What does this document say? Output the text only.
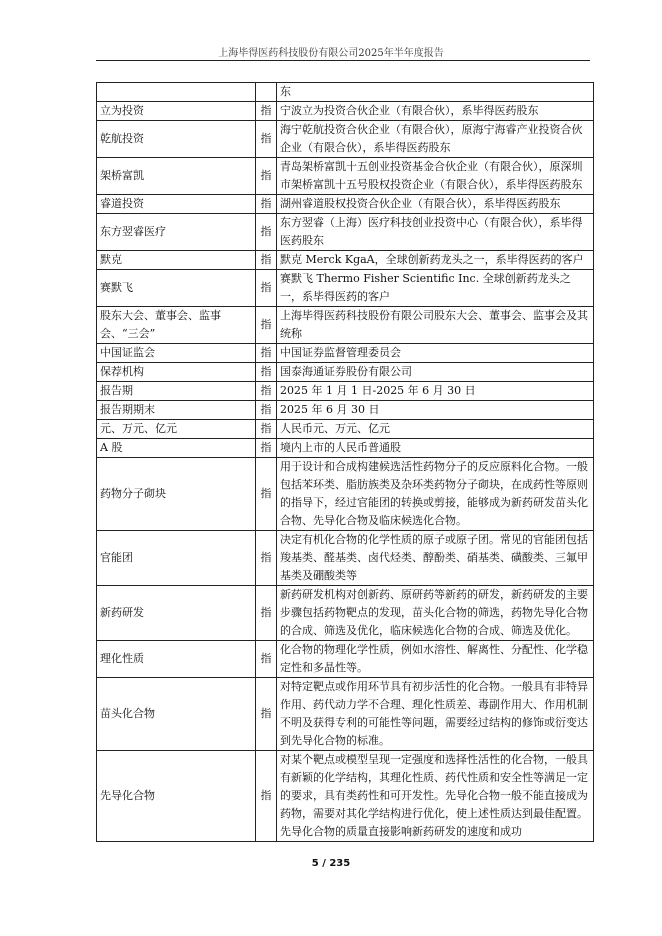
上海毕得医药科技股份有限公司2025年半年度报告
		东
立为投资	指	宁波立为投资合伙企业（有限合伙），系毕得医药股东
乾航投资	指	海宁乾航投资合伙企业（有限合伙），原海宁海睿产业投资合伙企业（有限合伙），系毕得医药股东
架桥富凯	指	青岛架桥富凯十五创业投资基金合伙企业（有限合伙），原深圳市架桥富凯十五号股权投资企业（有限合伙），系毕得医药股东
睿道投资	指	湖州睿道股权投资合伙企业（有限合伙），系毕得医药股东
东方翌睿医疗	指	东方翌睿（上海）医疗科技创业投资中心（有限合伙），系毕得医药股东
默克	指	默克 Merck KgaA，全球创新药龙头之一，系毕得医药的客户
赛默飞	指	赛默飞 Thermo Fisher Scientific Inc. 全球创新药龙头之一，系毕得医药的客户
股东大会、董事会、监事会、“三会”	指	上海毕得医药科技股份有限公司股东大会、董事会、监事会及其统称
中国证监会	指	中国证券监督管理委员会
保荐机构	指	国泰海通证券股份有限公司
报告期	指	2025 年 1 月 1 日-2025 年 6 月 30 日
报告期期末	指	2025 年 6 月 30 日
元、万元、亿元	指	人民币元、万元、亿元
A 股	指	境内上市的人民币普通股
药物分子砌块	指	用于设计和合成构建候选活性药物分子的反应原料化合物。一般包括苯环类、脂肪族类及杂环类药物分子砌块，在成药性等原则的指导下，经过官能团的转换或剪接，能够成为新药研发苗头化合物、先导化合物及临床候选化合物。
官能团	指	决定有机化合物的化学性质的原子或原子团。常见的官能团包括羧基类、醛基类、卤代烃类、醇酚类、硝基类、磺酸类、三氟甲基类及硼酸类等
新药研发	指	新药研发机构对创新药、原研药等新药的研发，新药研发的主要步骤包括药物靶点的发现，苗头化合物的筛选，药物先导化合物的合成、筛选及优化，临床候选化合物的合成、筛选及优化。
理化性质	指	化合物的物理化学性质，例如水溶性、解离性、分配性、化学稳定性和多晶性等。
苗头化合物	指	对特定靶点或作用环节具有初步活性的化合物。一般具有非特异作用、药代动力学不合理、理化性质差、毒副作用大、作用机制不明及获得专利的可能性等问题，需要经过结构的修饰或衍变达到先导化合物的标准。
先导化合物	指	对某个靶点或模型呈现一定强度和选择性活性的化合物，一般具有新颖的化学结构，其理化性质、药代性质和安全性等满足一定的要求，具有类药性和可开发性。先导化合物一般不能直接成为药物，需要对其化学结构进行优化，使上述性质达到最佳配置。先导化合物的质量直接影响新药研发的速度和成功
5 / 235
